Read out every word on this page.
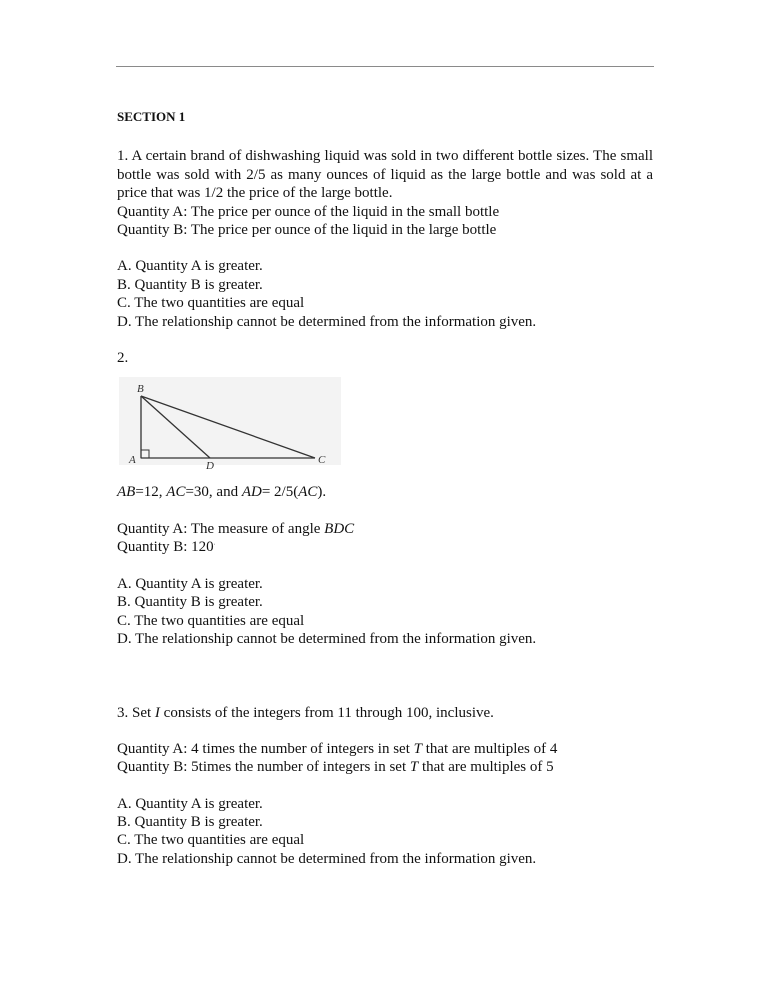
SECTION 1

1. A certain brand of dishwashing liquid was sold in two different bottle sizes. The small bottle was sold with 2/5 as many ounces of liquid as the large bottle and was sold at a price that was 1/2 the price of the large bottle.

Quantity A: The price per ounce of the liquid in the small bottle

Quantity B: The price per ounce of the liquid in the large bottle

A. Quantity A is greater.

B. Quantity B is greater.

C. The two quantities are equal

D. The relationship cannot be determined from the information given.

2.

B
A	D	C

AB=12, AC=30, and AD= 2/5(AC).

Quantity A: The measure of angle BDC

Quantity B: 120·

A. Quantity A is greater.

B. Quantity B is greater.

C. The two quantities are equal

D. The relationship cannot be determined from the information given.

3. Set I consists of the integers from 11 through 100, inclusive.

Quantity A: 4 times the number of integers in set T that are multiples of 4

Quantity B: 5times the number of integers in set T that are multiples of 5

A. Quantity A is greater.

B. Quantity B is greater.

C. The two quantities are equal

D. The relationship cannot be determined from the information given.
